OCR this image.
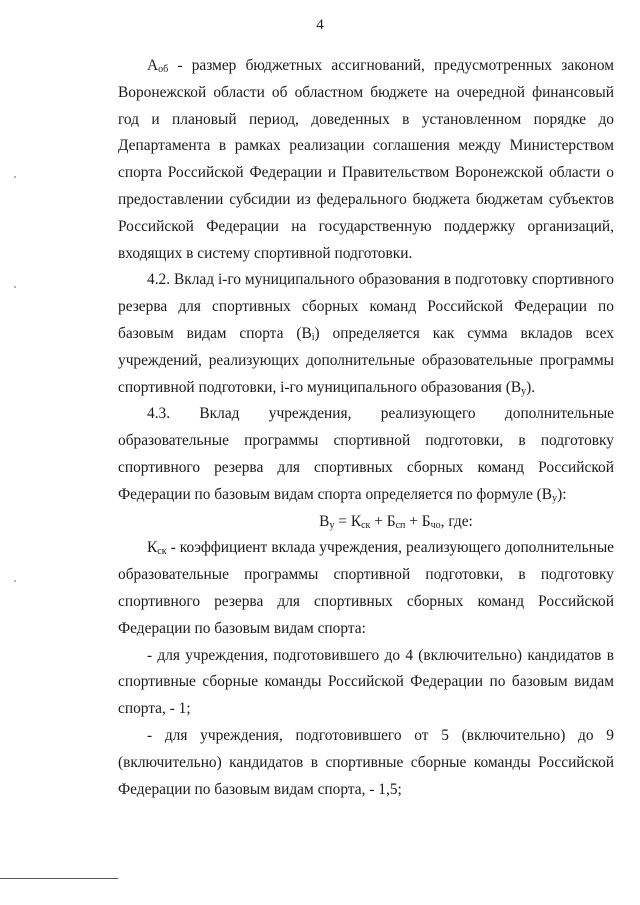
4

$А_{об}$ - размер бюджетных ассигнований, предусмотренных законом Воронежской области об областном бюджете на очередной финансовый год и плановый период, доведенных в установленном порядке до Департамента в рамках реализации соглашения между Министерством спорта Российской Федерации и Правительством Воронежской области о предоставлении субсидии из федерального бюджета бюджетам субъектов Российской Федерации на государственную поддержку организаций, входящих в систему спортивной подготовки.

4.2. Вклад i-го муниципального образования в подготовку спортивного резерва для спортивных сборных команд Российской Федерации по базовым видам спорта $(В_i)$ определяется как сумма вкладов всех учреждений, реализующих дополнительные образовательные программы спортивной подготовки, i-го муниципального образования $(В_у)$.

4.3. Вклад учреждения, реализующего дополнительные

образовательные программы спортивной подготовки, в подготовку спортивного резерва для спортивных сборных команд Российской Федерации по базовым видам спорта определяется по формуле $(В_у)$:

$В_у = К_{ск} + Б_{сп} + Б_{чо}$, где:

$К_{ск}$ - коэффициент вклада учреждения, реализующего дополнительные образовательные программы спортивной подготовки, в подготовку спортивного резерва для спортивных сборных команд Российской Федерации по базовым видам спорта:

- для учреждения, подготовившего до 4 (включительно) кандидатов в спортивные сборные команды Российской Федерации по базовым видам спорта, - 1;

- для учреждения, подготовившего от 5 (включительно) до 9 (включительно) кандидатов в спортивные сборные команды Российской Федерации по базовым видам спорта, - 1,5;
